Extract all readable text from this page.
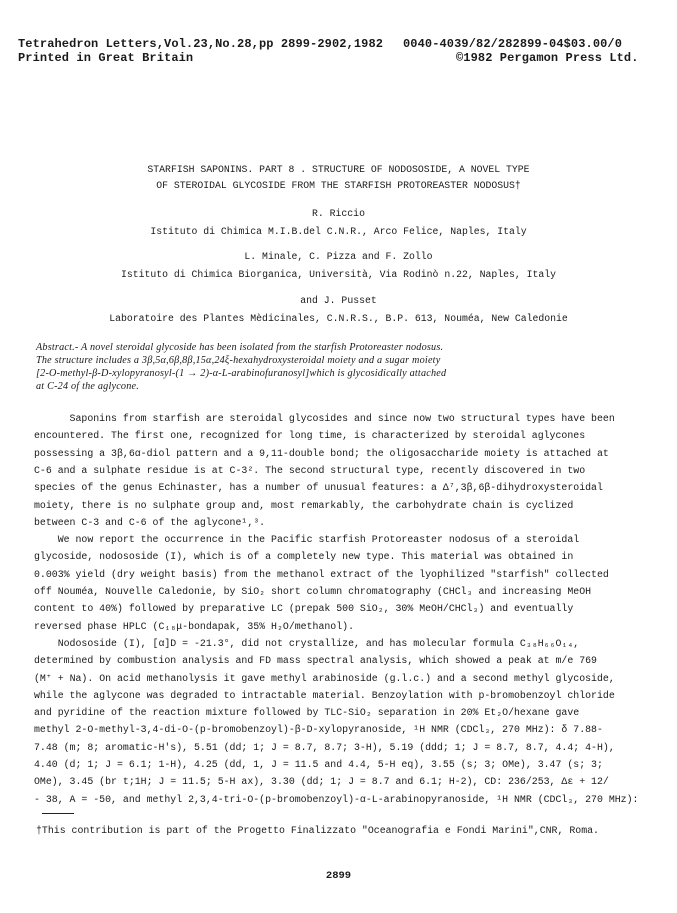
Tetrahedron Letters,Vol.23,No.28,pp 2899-2902,1982 0040-4039/82/282899-04$03.00/0
Printed in Great Britain	©1982 Pergamon Press Ltd.
STARFISH SAPONINS. PART 8 . STRUCTURE OF NODOSOSIDE, A NOVEL TYPE
OF STEROIDAL GLYCOSIDE FROM THE STARFISH PROTOREASTER NODOSUS†
R. Riccio
Istituto di Chimica M.I.B.del C.N.R., Arco Felice, Naples, Italy
L. Minale, C. Pizza and F. Zollo
Istituto di Chimica Biorganica, Università, Via Rodinò n.22, Naples, Italy
and J. Pusset
Laboratoire des Plantes Mèdicinales, C.N.R.S., B.P. 613, Nouméa, New Caledonie
Abstract.- A novel steroidal glycoside has been isolated from the starfish Protoreaster nodosus.
The structure includes a 3β,5α,6β,8β,15α,24ξ-hexahydroxysteroidal moiety and a sugar moiety
[2-O-methyl-β-D-xylopyranosyl-(1 → 2)-α-L-arabinofuranosyl]which is glycosidically attached
at C-24 of the aglycone.
Saponins from starfish are steroidal glycosides and since now two structural types have been
encountered. The first one, recognized for long time, is characterized by steroidal aglycones
possessing a 3β,6α-diol pattern and a 9,11-double bond; the oligosaccharide moiety is attached at
C-6 and a sulphate residue is at C-3². The second structural type, recently discovered in two
species of the genus Echinaster, has a number of unusual features: a Δ⁷,3β,6β-dihydroxysteroidal
moiety, there is no sulphate group and, most remarkably, the carbohydrate chain is cyclized
between C-3 and C-6 of the aglycone¹,³.
We now report the occurrence in the Pacific starfish Protoreaster nodosus of a steroidal
glycoside, nodososide (I), which is of a completely new type. This material was obtained in
0.003% yield (dry weight basis) from the methanol extract of the lyophilized "starfish" collected
off Nouméa, Nouvelle Caledonie, by SiO₂ short column chromatography (CHCl₃ and increasing MeOH
content to 40%) followed by preparative LC (prepak 500 SiO₂, 30% MeOH/CHCl₃) and eventually
reversed phase HPLC (C₁₈μ-bondapak, 35% H₂O/methanol).
Nodososide (I), [α]D = -21.3°, did not crystallize, and has molecular formula C₃₈H₆₆O₁₄,
determined by combustion analysis and FD mass spectral analysis, which showed a peak at m/e 769
(M⁺ + Na). On acid methanolysis it gave methyl arabinoside (g.l.c.) and a second methyl glycoside,
while the aglycone was degraded to intractable material. Benzoylation with p-bromobenzoyl chloride
and pyridine of the reaction mixture followed by TLC-SiO₂ separation in 20% Et₂O/hexane gave
methyl 2-O-methyl-3,4-di-O-(p-bromobenzoyl)-β-D-xylopyranoside, ¹H NMR (CDCl₃, 270 MHz): δ 7.88-
7.48 (m; 8; aromatic-H's), 5.51 (dd; 1; J = 8.7, 8.7; 3-H), 5.19 (ddd; 1; J = 8.7, 8.7, 4.4; 4-H),
4.40 (d; 1; J = 6.1; 1-H), 4.25 (dd, 1, J = 11.5 and 4.4, 5-H eq), 3.55 (s; 3; OMe), 3.47 (s; 3;
OMe), 3.45 (br t;1H; J = 11.5; 5-H ax), 3.30 (dd; 1; J = 8.7 and 6.1; H-2), CD: 236/253, Δε + 12/
- 38, A = -50, and methyl 2,3,4-tri-O-(p-bromobenzoyl)-α-L-arabinopyranoside, ¹H NMR (CDCl₃, 270 MHz):
†This contribution is part of the Progetto Finalizzato "Oceanografia e Fondi Marini",CNR, Roma.
2899
